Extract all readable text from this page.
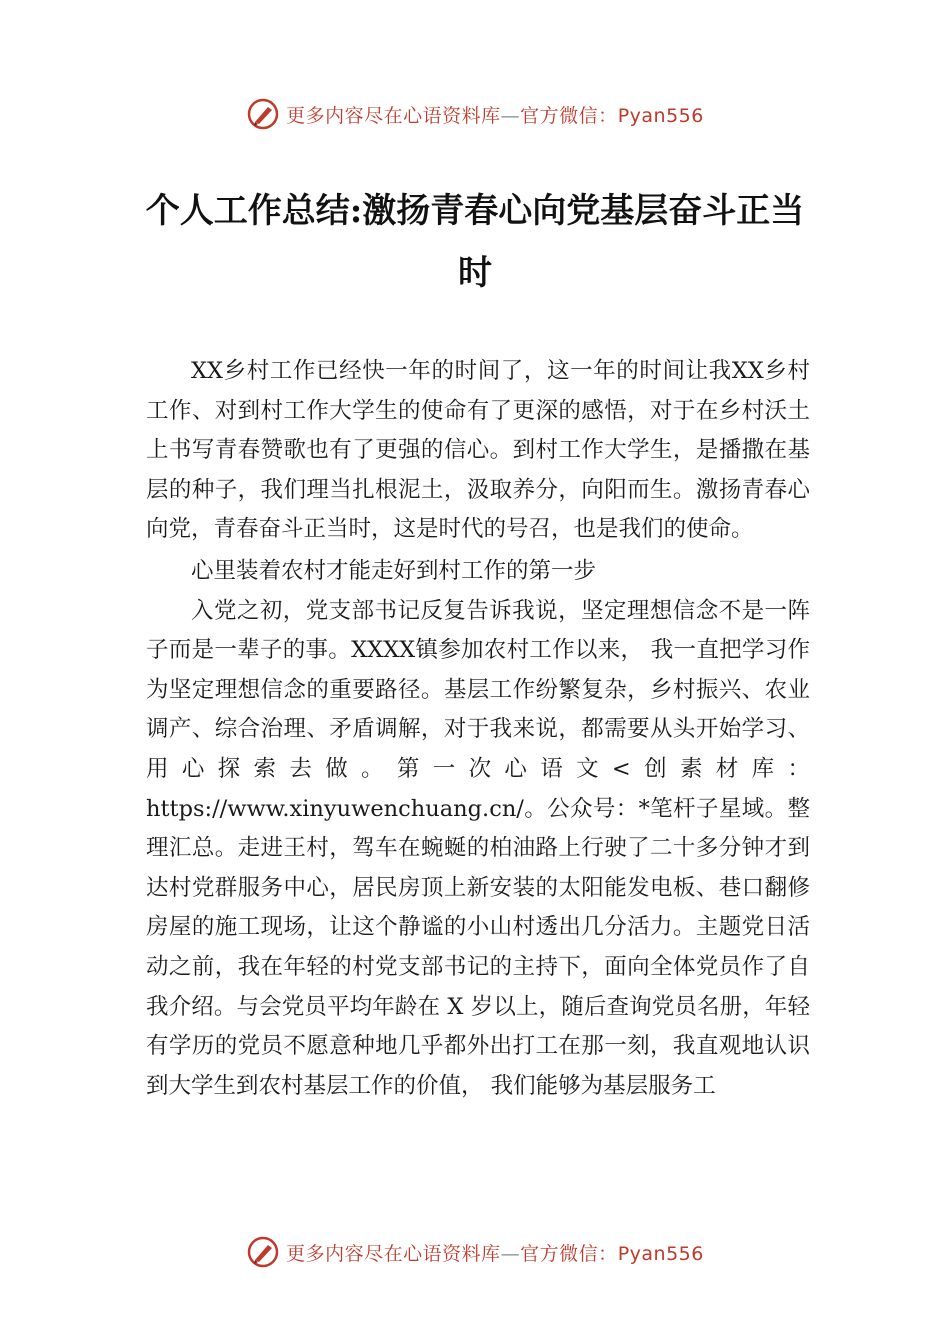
更多内容尽在心语资料库—官方微信：Pyan556
个人工作总结:激扬青春心向党基层奋斗正当时

XX乡村工作已经快一年的时间了，这一年的时间让我XX乡村工作、对到村工作大学生的使命有了更深的感悟，对于在乡村沃土上书写青春赞歌也有了更强的信心。到村工作大学生，是播撒在基层的种子，我们理当扎根泥土，汲取养分，向阳而生。激扬青春心向党，青春奋斗正当时，这是时代的号召，也是我们的使命。

心里装着农村才能走好到村工作的第一步

入党之初，党支部书记反复告诉我说，坚定理想信念不是一阵子而是一辈子的事。XXXX镇参加农村工作以来， 我一直把学习作为坚定理想信念的重要路径。基层工作纷繁复杂，乡村振兴、农业调产、综合治理、矛盾调解，对于我来说，都需要从头开始学习、用心探索去做。第一次心语文<创素材库：https://www.xinyuwenchuang.cn/。公众号：*笔杆子星域。整理汇总。走进王村，驾车在蜿蜒的柏油路上行驶了二十多分钟才到达村党群服务中心，居民房顶上新安装的太阳能发电板、巷口翻修房屋的施工现场，让这个静谧的小山村透出几分活力。主题党日活动之前，我在年轻的村党支部书记的主持下，面向全体党员作了自我介绍。与会党员平均年龄在 X 岁以上，随后查询党员名册，年轻有学历的党员不愿意种地几乎都外出打工在那一刻，我直观地认识到大学生到农村基层工作的价值， 我们能够为基层服务工

更多内容尽在心语资料库—官方微信：Pyan556
